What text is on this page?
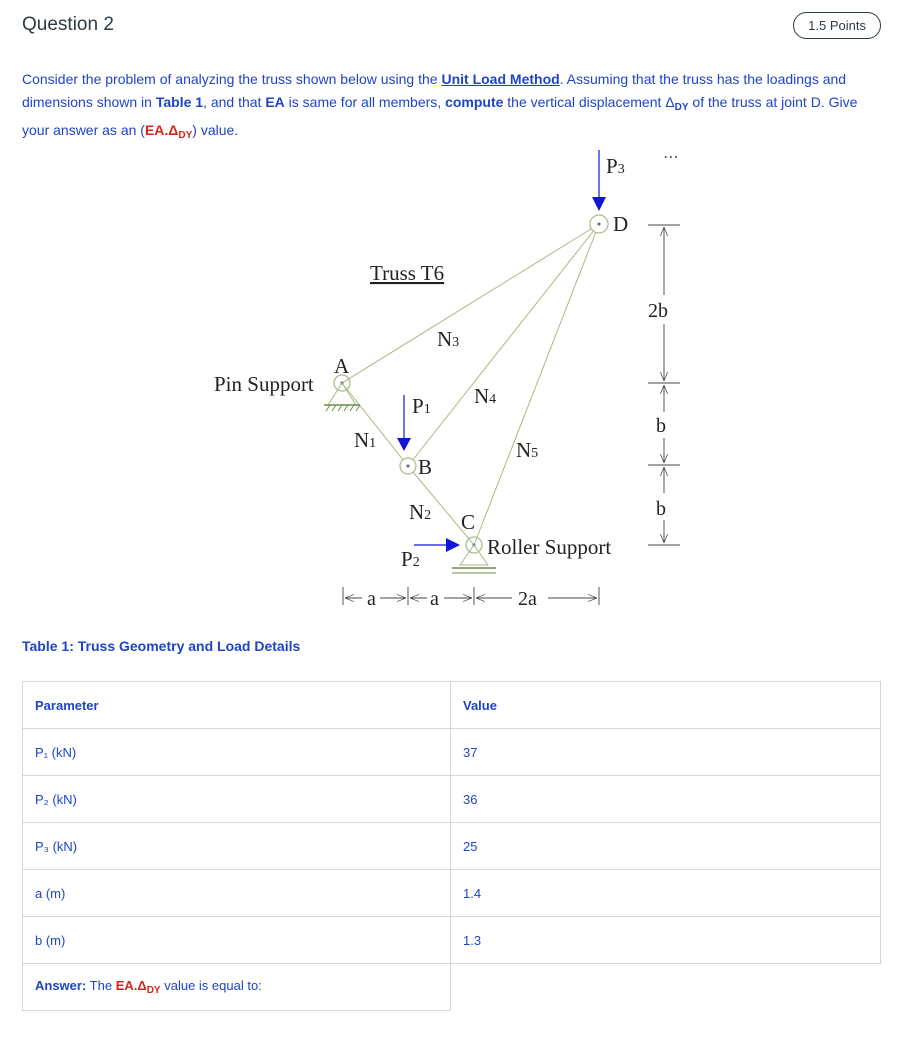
Question 2	1.5 Points
Consider the problem of analyzing the truss shown below using the Unit Load Method. Assuming that the truss has the loadings and dimensions shown in Table 1, and that EA is same for all members, compute the vertical displacement $\Delta_{DY}$ of the truss at joint D. Give your answer as an $(EA.\Delta_{DY})$ value.
Truss T6
Pin Support
Roller Support
A
B
C
D
P1
P2
P3
N1
N2
N3
N4
N5
a	a	2a
2b
b
b
⋯
Table 1: Truss Geometry and Load Details
Parameter	Value
P₁ (kN)	37
P₂ (kN)	36
P₃ (kN)	25
a (m)	1.4
b (m)	1.3
Answer: The $EA.\Delta_{DY}$ value is equal to:	
